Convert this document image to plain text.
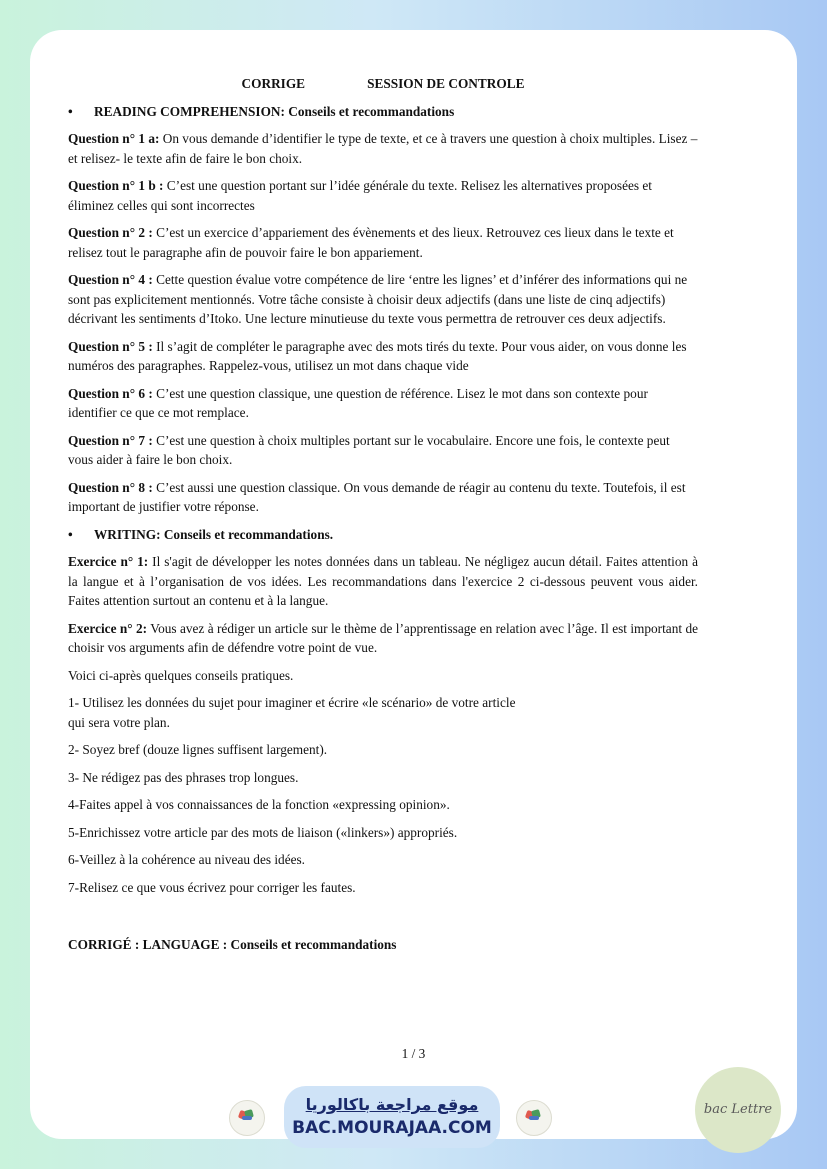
CORRIGE	SESSION DE CONTROLE
• READING COMPREHENSION: Conseils et recommandations

Question n° 1 a: On vous demande d’identifier le type de texte, et ce à travers une question à choix multiples. Lisez – et relisez- le texte afin de faire le bon choix.

Question n° 1 b : C’est une question portant sur l’idée générale du texte. Relisez les alternatives proposées et éliminez celles qui sont incorrectes

Question n° 2 : C’est un exercice d’appariement des évènements et des lieux. Retrouvez ces lieux dans le texte et relisez tout le paragraphe afin de pouvoir faire le bon appariement.

Question n° 4 : Cette question évalue votre compétence de lire ‘entre les lignes’ et d’inférer des informations qui ne sont pas explicitement mentionnés. Votre tâche consiste à choisir deux adjectifs (dans une liste de cinq adjectifs) décrivant les sentiments d’Itoko. Une lecture minutieuse du texte vous permettra de retrouver ces deux adjectifs.

Question n° 5 : Il s’agit de compléter le paragraphe avec des mots tirés du texte. Pour vous aider, on vous donne les numéros des paragraphes. Rappelez-vous, utilisez un mot dans chaque vide

Question n° 6 : C’est une question classique, une question de référence. Lisez le mot dans son contexte pour identifier ce que ce mot remplace.

Question n° 7 : C’est une question à choix multiples portant sur le vocabulaire. Encore une fois, le contexte peut vous aider à faire le bon choix.

Question n° 8 : C’est aussi une question classique. On vous demande de réagir au contenu du texte. Toutefois, il est important de justifier votre réponse.

• WRITING: Conseils et recommandations.

Exercice n° 1: Il s'agit de développer les notes données dans un tableau. Ne négligez aucun détail. Faites attention à la langue et à l’organisation de vos idées. Les recommandations dans l'exercice 2 ci-dessous peuvent vous aider. Faites attention surtout an contenu et à la langue.

Exercice n° 2: Vous avez à rédiger un article sur le thème de l’apprentissage en relation avec l’âge. Il est important de choisir vos arguments afin de défendre votre point de vue.

Voici ci-après quelques conseils pratiques.

1- Utilisez les données du sujet pour imaginer et écrire «le scénario» de votre article
qui sera votre plan.

2- Soyez bref (douze lignes suffisent largement).

3- Ne rédigez pas des phrases trop longues.

4-Faites appel à vos connaissances de la fonction «expressing opinion».

5-Enrichissez votre article par des mots de liaison («linkers») appropriés.

6-Veillez à la cohérence au niveau des idées.

7-Relisez ce que vous écrivez pour corriger les fautes.

CORRIGÉ : LANGUAGE : Conseils et recommandations
1 / 3
موقع مراجعة باكالوريا
BAC.MOURAJAA.COM
bac Lettre
